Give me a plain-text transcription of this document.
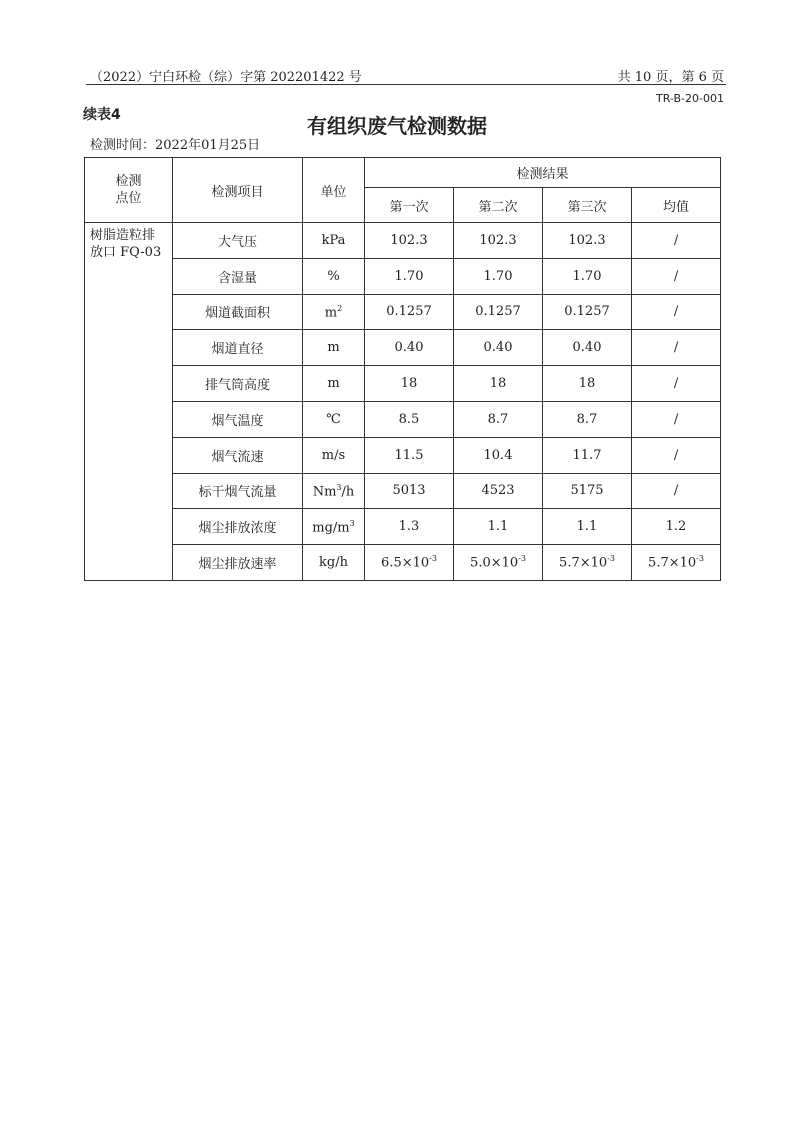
（2022）宁白环检（综）字第 202201422 号	共 10 页，第 6 页
TR-B-20-001
续表4	有组织废气检测数据
检测时间：2022年01月25日
检测
点位	检测项目	单位	检测结果			
			第一次	第二次	第三次	均值

树脂造粒排
放口 FQ-03	大气压	kPa	102.3	102.3	102.3	/
	含湿量	%	1.70	1.70	1.70	/
	烟道截面积	$m^2$	0.1257	0.1257	0.1257	/
	烟道直径	m	0.40	0.40	0.40	/
	排气筒高度	m	18	18	18	/
	烟气温度	℃	8.5	8.7	8.7	/
	烟气流速	m/s	11.5	10.4	11.7	/
	标干烟气流量	Nm$^3$/h	5013	4523	5175	/
	烟尘排放浓度	$mg/m^3$	1.3	1.1	1.1	1.2
	烟尘排放速率	kg/h	$6.5\times 10^{-3}$	$5.0\times 10^{-3}$	$5.7\times 10^{-3}$	$5.7\times 10^{-3}$
